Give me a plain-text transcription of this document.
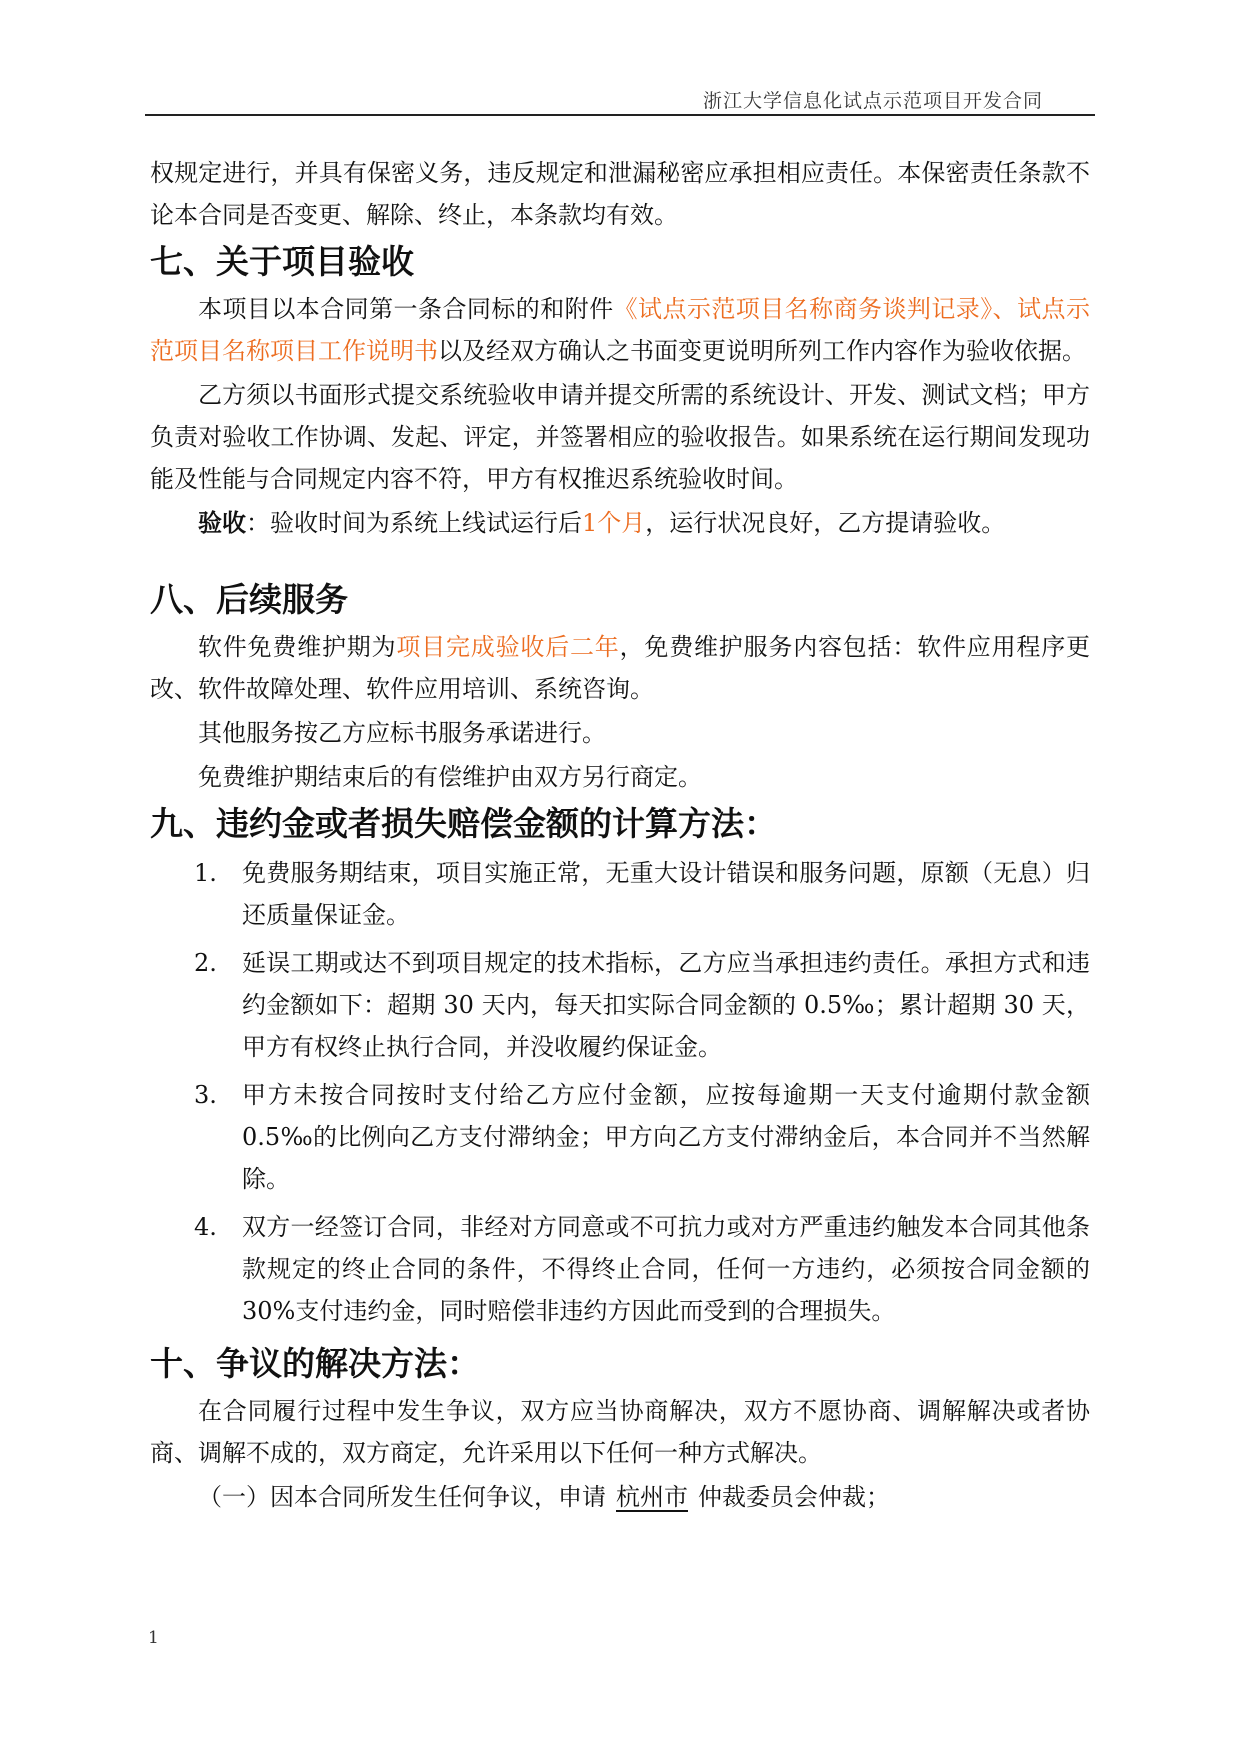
浙江大学信息化试点示范项目开发合同

权规定进行，并具有保密义务，违反规定和泄漏秘密应承担相应责任。本保密责任条款不论本合同是否变更、解除、终止，本条款均有效。

七、关于项目验收

本项目以本合同第一条合同标的和附件《试点示范项目名称商务谈判记录》、试点示范项目名称项目工作说明书以及经双方确认之书面变更说明所列工作内容作为验收依据。

乙方须以书面形式提交系统验收申请并提交所需的系统设计、开发、测试文档；甲方负责对验收工作协调、发起、评定，并签署相应的验收报告。如果系统在运行期间发现功能及性能与合同规定内容不符，甲方有权推迟系统验收时间。

验收：验收时间为系统上线试运行后1个月，运行状况良好，乙方提请验收。

八、后续服务

软件免费维护期为项目完成验收后二年，免费维护服务内容包括：软件应用程序更改、软件故障处理、软件应用培训、系统咨询。

其他服务按乙方应标书服务承诺进行。

免费维护期结束后的有偿维护由双方另行商定。

九、违约金或者损失赔偿金额的计算方法：
1. 免费服务期结束，项目实施正常，无重大设计错误和服务问题，原额（无息）归还质量保证金。
2. 延误工期或达不到项目规定的技术指标，乙方应当承担违约责任。承担方式和违约金额如下：超期 30 天内，每天扣实际合同金额的 0.5‰；累计超期 30 天，甲方有权终止执行合同，并没收履约保证金。
3. 甲方未按合同按时支付给乙方应付金额，应按每逾期一天支付逾期付款金额 0.5‰的比例向乙方支付滞纳金；甲方向乙方支付滞纳金后，本合同并不当然解除。
4. 双方一经签订合同，非经对方同意或不可抗力或对方严重违约触发本合同其他条款规定的终止合同的条件，不得终止合同，任何一方违约，必须按合同金额的 30%支付违约金，同时赔偿非违约方因此而受到的合理损失。
十、争议的解决方法：

在合同履行过程中发生争议，双方应当协商解决，双方不愿协商、调解解决或者协商、调解不成的，双方商定，允许采用以下任何一种方式解决。

（一）因本合同所发生任何争议，申请 杭州市 仲裁委员会仲裁；

1
